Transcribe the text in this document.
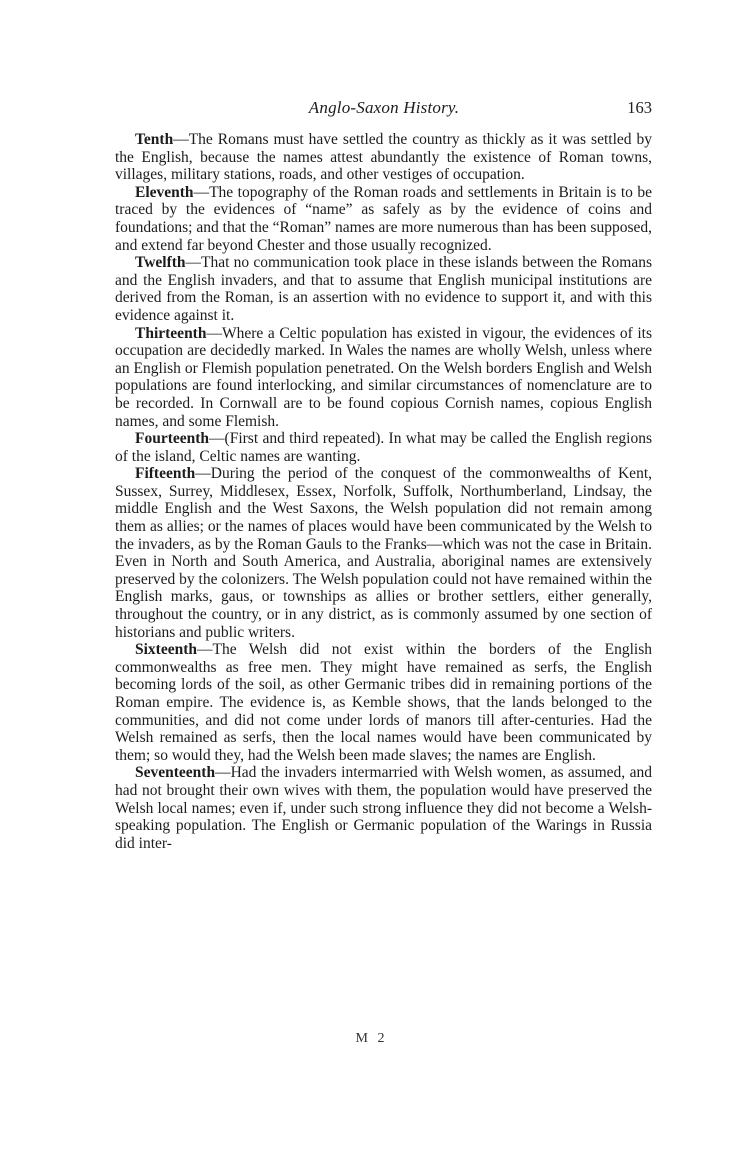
Anglo-Saxon History.	163

Tenth—The Romans must have settled the country as thickly as it was settled by the English, because the names attest abundantly the existence of Roman towns, villages, military stations, roads, and other vestiges of occupation.

Eleventh—The topography of the Roman roads and settlements in Britain is to be traced by the evidences of “name” as safely as by the evidence of coins and foundations; and that the “Roman” names are more numerous than has been supposed, and extend far beyond Chester and those usually recognized.

Twelfth—That no communication took place in these islands between the Romans and the English invaders, and that to assume that English municipal institutions are derived from the Roman, is an assertion with no evidence to support it, and with this evidence against it.

Thirteenth—Where a Celtic population has existed in vigour, the evidences of its occupation are decidedly marked. In Wales the names are wholly Welsh, unless where an English or Flemish population penetrated. On the Welsh borders English and Welsh populations are found interlocking, and similar circumstances of nomenclature are to be recorded. In Cornwall are to be found copious Cornish names, copious English names, and some Flemish.

Fourteenth—(First and third repeated). In what may be called the English regions of the island, Celtic names are wanting.

Fifteenth—During the period of the conquest of the commonwealths of Kent, Sussex, Surrey, Middlesex, Essex, Norfolk, Suffolk, Northumberland, Lindsay, the middle English and the West Saxons, the Welsh population did not remain among them as allies; or the names of places would have been communicated by the Welsh to the invaders, as by the Roman Gauls to the Franks—which was not the case in Britain. Even in North and South America, and Australia, aboriginal names are extensively preserved by the colonizers. The Welsh population could not have remained within the English marks, gaus, or townships as allies or brother settlers, either generally, throughout the country, or in any district, as is commonly assumed by one section of historians and public writers.

Sixteenth—The Welsh did not exist within the borders of the English commonwealths as free men. They might have remained as serfs, the English becoming lords of the soil, as other Germanic tribes did in remaining portions of the Roman empire. The evidence is, as Kemble shows, that the lands belonged to the communities, and did not come under lords of manors till after-centuries. Had the Welsh remained as serfs, then the local names would have been communicated by them; so would they, had the Welsh been made slaves; the names are English.

Seventeenth—Had the invaders intermarried with Welsh women, as assumed, and had not brought their own wives with them, the population would have preserved the Welsh local names; even if, under such strong influence they did not become a Welsh-speaking population. The English or Germanic population of the Warings in Russia did inter-

M 2
